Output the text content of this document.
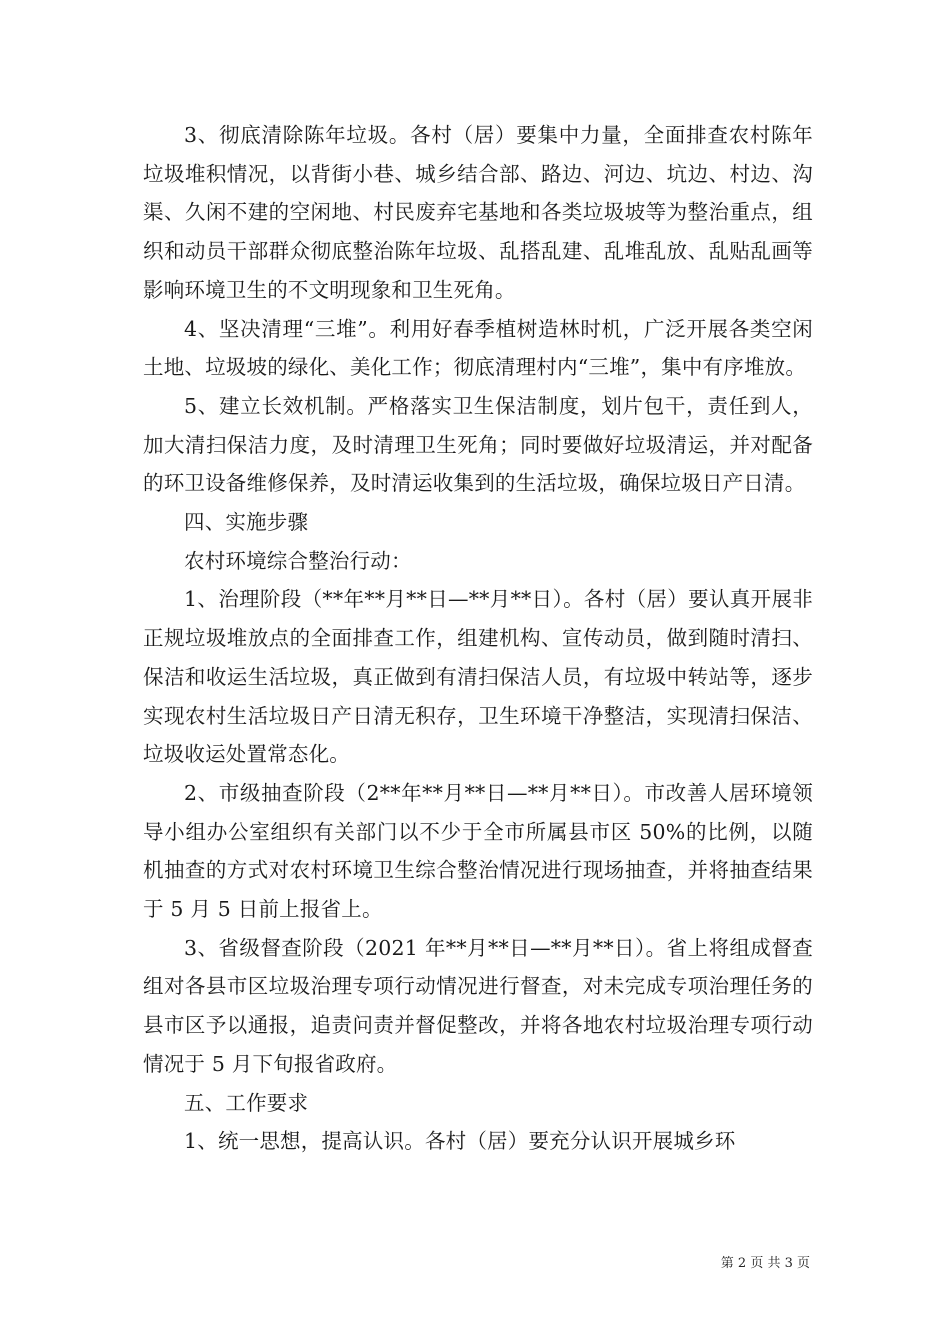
3、彻底清除陈年垃圾。各村（居）要集中力量，全面排查农村陈年垃圾堆积情况，以背街小巷、城乡结合部、路边、河边、坑边、村边、沟渠、久闲不建的空闲地、村民废弃宅基地和各类垃圾坡等为整治重点，组织和动员干部群众彻底整治陈年垃圾、乱搭乱建、乱堆乱放、乱贴乱画等影响环境卫生的不文明现象和卫生死角。

4、坚决清理“三堆”。利用好春季植树造林时机，广泛开展各类空闲土地、垃圾坡的绿化、美化工作；彻底清理村内“三堆”，集中有序堆放。

5、建立长效机制。严格落实卫生保洁制度，划片包干，责任到人，加大清扫保洁力度，及时清理卫生死角；同时要做好垃圾清运，并对配备的环卫设备维修保养，及时清运收集到的生活垃圾，确保垃圾日产日清。

四、实施步骤

农村环境综合整治行动：

1、治理阶段（**年**月**日—**月**日）。各村（居）要认真开展非正规垃圾堆放点的全面排查工作，组建机构、宣传动员，做到随时清扫、保洁和收运生活垃圾，真正做到有清扫保洁人员，有垃圾中转站等，逐步实现农村生活垃圾日产日清无积存，卫生环境干净整洁，实现清扫保洁、垃圾收运处置常态化。

2、市级抽查阶段（2**年**月**日—**月**日）。市改善人居环境领导小组办公室组织有关部门以不少于全市所属县市区 50%的比例，以随机抽查的方式对农村环境卫生综合整治情况进行现场抽查，并将抽查结果于 5 月 5 日前上报省上。

3、省级督查阶段（2021 年**月**日—**月**日）。省上将组成督查组对各县市区垃圾治理专项行动情况进行督查，对未完成专项治理任务的县市区予以通报，追责问责并督促整改，并将各地农村垃圾治理专项行动情况于 5 月下旬报省政府。

五、工作要求

1、统一思想，提高认识。各村（居）要充分认识开展城乡环

第 2 页 共 3 页
